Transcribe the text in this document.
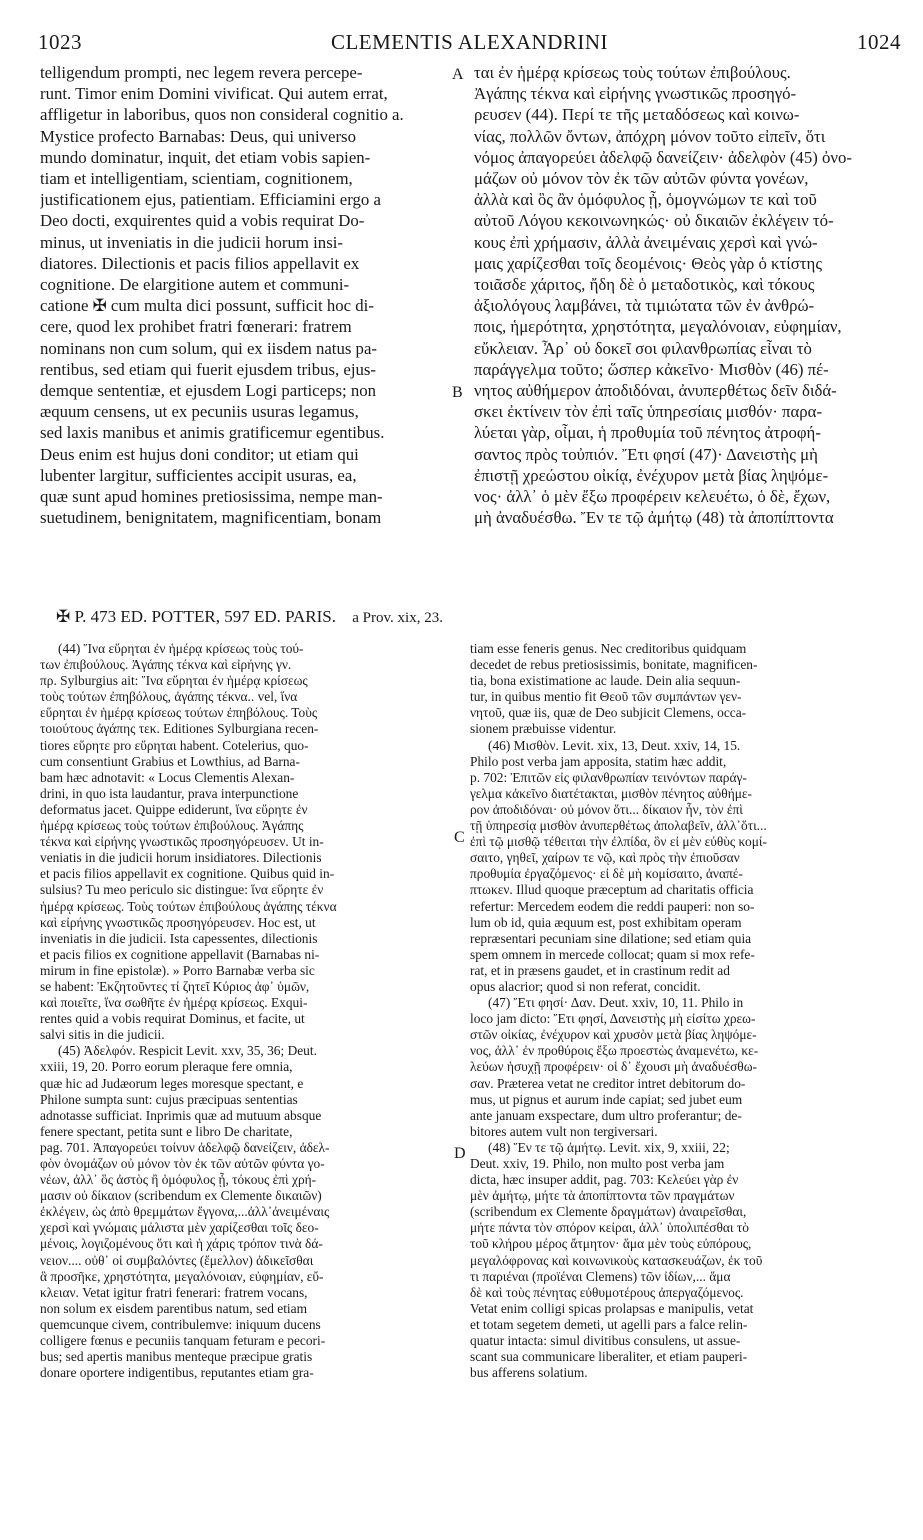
1023	CLEMENTIS ALEXANDRINI	1024

telligendum prompti, nec legem revera percepe-

runt. Timor enim Domini vivificat. Qui autem errat,

affligetur in laboribus, quos non consideral cognitio a.

Mystice profecto Barnabas: Deus, qui universo

mundo dominatur, inquit, det etiam vobis sapien-

tiam et intelligentiam, scientiam, cognitionem,

justificationem ejus, patientiam. Efficiamini ergo a

Deo docti, exquirentes quid a vobis requirat Do-

minus, ut inveniatis in die judicii horum insi-

diatores. Dilectionis et pacis filios appellavit ex

cognitione. De elargitione autem et communi-

catione ✠ cum multa dici possunt, sufficit hoc di-

cere, quod lex prohibet fratri fœnerari: fratrem

nominans non cum solum, qui ex iisdem natus pa-

rentibus, sed etiam qui fuerit ejusdem tribus, ejus-

demque sententiæ, et ejusdem Logi particeps; non

æquum censens, ut ex pecuniis usuras legamus,

sed laxis manibus et animis gratificemur egentibus.

Deus enim est hujus doni conditor; ut etiam qui

lubenter largitur, sufficientes accipit usuras, ea,

quæ sunt apud homines pretiosissima, nempe man-

suetudinem, benignitatem, magnificentiam, bonam

ται ἐν ἡμέρᾳ κρίσεως τοὺς τούτων ἐπιβούλους.

Ἀγάπης τέκνα καὶ εἰρήνης γνωστικῶς προσηγό-

ρευσεν (44). Περί τε τῆς μεταδόσεως καὶ κοινω-

νίας, πολλῶν ὄντων, ἀπόχρη μόνον τοῦτο εἰπεῖν, ὅτι

νόμος ἀπαγορεύει ἀδελφῷ δανείζειν· ἀδελφὸν (45) ὀνο-

μάζων οὐ μόνον τὸν ἐκ τῶν αὐτῶν φύντα γονέων,

ἀλλὰ καὶ ὃς ἂν ὁμόφυλος ᾖ, ὁμογνώμων τε καὶ τοῦ

αὐτοῦ Λόγου κεκοινωνηκώς· οὐ δικαιῶν ἐκλέγειν τό-

κους ἐπὶ χρήμασιν, ἀλλὰ ἀνειμέναις χερσὶ καὶ γνώ-

μαις χαρίζεσθαι τοῖς δεομένοις· Θεὸς γὰρ ὁ κτίστης

τοιᾶσδε χάριτος, ἤδη δὲ ὁ μεταδοτικὸς, καὶ τόκους

ἀξιολόγους λαμβάνει, τὰ τιμιώτατα τῶν ἐν ἀνθρώ-

ποις, ἡμερότητα, χρηστότητα, μεγαλόνοιαν, εὐφημίαν,

εὔκλειαν. Ἆρ᾽ οὐ δοκεῖ σοι φιλανθρωπίας εἶναι τὸ

παράγγελμα τοῦτο; ὥσπερ κἀκεῖνο· Μισθὸν (46) πέ-

νητος αὐθήμερον ἀποδιδόναι, ἀνυπερθέτως δεῖν διδά-

σκει ἐκτίνειν τὸν ἐπὶ ταῖς ὑπηρεσίαις μισθόν· παρα-

λύεται γὰρ, οἶμαι, ἡ προθυμία τοῦ πένητος ἀτροφή-

σαντος πρὸς τοὐπιόν. Ἔτι φησί (47)· Δανειστὴς μὴ

ἐπιστῇ χρεώστου οἰκίᾳ, ἐνέχυρον μετὰ βίας ληψόμε-

νος· ἀλλ᾽ ὁ μὲν ἔξω προφέρειν κελευέτω, ὁ δὲ, ἔχων,

μὴ ἀναδυέσθω. Ἔν τε τῷ ἀμήτῳ (48) τὰ ἀποπίπτοντα

A
B
C
D
✠ P. 473 ED. POTTER, 597 ED. PARIS. a Prov. xix, 23.

(44) Ἵνα εὕρηται ἐν ἡμέρᾳ κρίσεως τοὺς τού-

των ἐπιβούλους. Ἀγάπης τέκνα καὶ εἰρήνης γν.

πρ. Sylburgius ait: Ἵνα εὕρηται ἐν ἡμέρᾳ κρίσεως

τοὺς τούτων ἐπηβόλους, ἀγάπης τέκνα.. vel, ἵνα

εὕρηται ἐν ἡμέρᾳ κρίσεως τούτων ἐπηβόλους. Τοὺς

τοιούτους ἀγάπης τεκ. Editiones Sylburgiana recen-

tiores εὕρητε pro εὕρηται habent. Cotelerius, quo-

cum consentiunt Grabius et Lowthius, ad Barna-

bam hæc adnotavit: « Locus Clementis Alexan-

drini, in quo ista laudantur, prava interpunctione

deformatus jacet. Quippe ediderunt, ἵνα εὕρητε ἐν

ἡμέρᾳ κρίσεως τοὺς τούτων ἐπιβούλους. Ἀγάπης

τέκνα καὶ εἰρήνης γνωστικῶς προσηγόρευσεν. Ut in-

veniatis in die judicii horum insidiatores. Dilectionis

et pacis filios appellavit ex cognitione. Quibus quid in-

sulsius? Tu meo periculo sic distingue: ἵνα εὕρητε ἐν

ἡμέρᾳ κρίσεως. Τοὺς τούτων ἐπιβούλους ἀγάπης τέκνα

καὶ εἰρήνης γνωστικῶς προσηγόρευσεν. Hoc est, ut

inveniatis in die judicii. Ista capessentes, dilectionis

et pacis filios ex cognitione appellavit (Barnabas ni-

mirum in fine epistolæ). » Porro Barnabæ verba sic

se habent: Ἐκζητοῦντες τί ζητεῖ Κύριος ἀφ᾽ ὑμῶν,

καὶ ποιεῖτε, ἵνα σωθῆτε ἐν ἡμέρᾳ κρίσεως. Exqui-

rentes quid a vobis requirat Dominus, et facite, ut

salvi sitis in die judicii.

(45) Ἀδελφόν. Respicit Levit. xxv, 35, 36; Deut.

xxiii, 19, 20. Porro eorum pleraque fere omnia,

quæ hic ad Judæorum leges moresque spectant, e

Philone sumpta sunt: cujus præcipuas sententias

adnotasse sufficiat. Inprimis quæ ad mutuum absque

fenere spectant, petita sunt e libro De charitate,

pag. 701. Ἀπαγορεύει τοίνυν ἀδελφῷ δανείζειν, ἀδελ-

φὸν ὀνομάζων οὐ μόνον τὸν ἐκ τῶν αὐτῶν φύντα γο-

νέων, ἀλλ᾽ ὃς ἀστὸς ἢ ὁμόφυλος ᾖ, τόκους ἐπὶ χρή-

μασιν οὐ δίκαιον (scribendum ex Clemente δικαιῶν)

ἐκλέγειν, ὡς ἀπὸ θρεμμάτων ἔγγονα,...ἀλλ᾽ἀνειμέναις

χερσὶ καὶ γνώμαις μάλιστα μὲν χαρίζεσθαι τοῖς δεο-

μένοις, λογιζομένους ὅτι καὶ ἡ χάρις τρόπον τινὰ δά-

νειον.... οὐθ᾽ οἱ συμβαλόντες (ἔμελλον) ἀδικεῖσθαι

ἃ προσῆκε, χρηστότητα, μεγαλόνοιαν, εὐφημίαν, εὔ-

κλειαν. Vetat igitur fratri fenerari: fratrem vocans,

non solum ex eisdem parentibus natum, sed etiam

quemcunque civem, contribulemve: iniquum ducens

colligere fœnus e pecuniis tanquam feturam e pecori-

bus; sed apertis manibus menteque præcipue gratis

donare oportere indigentibus, reputantes etiam gra-

tiam esse feneris genus. Nec creditoribus quidquam

decedet de rebus pretiosissimis, bonitate, magnificen-

tia, bona existimatione ac laude. Dein alia sequun-

tur, in quibus mentio fit Θεοῦ τῶν συμπάντων γεν-

νητοῦ, quæ iis, quæ de Deo subjicit Clemens, occa-

sionem præbuisse videntur.

(46) Μισθὸν. Levit. xix, 13, Deut. xxiv, 14, 15.

Philo post verba jam apposita, statim hæc addit,

p. 702: Ἐπιτῶν εἰς φιλανθρωπίαν τεινόντων παράγ-

γελμα κἀκεῖνο διατέτακται, μισθὸν πένητος αὐθήμε-

ρον ἀποδιδόναι· οὐ μόνον ὅτι... δίκαιον ἦν, τὸν ἐπὶ

τῇ ὑπηρεσίᾳ μισθὸν ἀνυπερθέτως ἀπολαβεῖν, ἀλλ᾽ὅτι...

ἐπὶ τῷ μισθῷ τέθειται τὴν ἐλπίδα, ὃν εἰ μὲν εὐθὺς κομί-

σαιτο, γηθεῖ, χαίρων τε νῷ, καὶ πρὸς τὴν ἐπιοῦσαν

προθυμία ἐργαζόμενος· εἰ δὲ μὴ κομίσαιτο, ἀναπέ-

πτωκεν. Illud quoque præceptum ad charitatis officia

refertur: Mercedem eodem die reddi pauperi: non so-

lum ob id, quia æquum est, post exhibitam operam

repræsentari pecuniam sine dilatione; sed etiam quia

spem omnem in mercede collocat; quam si mox refe-

rat, et in præsens gaudet, et in crastinum redit ad

opus alacrior; quod si non referat, concidit.

(47) Ἔτι φησί· Δαν. Deut. xxiv, 10, 11. Philo in

loco jam dicto: Ἔτι φησί, Δανειστὴς μὴ εἰσίτω χρεω-

στῶν οἰκίας, ἐνέχυρον καὶ χρυσὸν μετὰ βίας ληψόμε-

νος, ἀλλ᾽ ἐν προθύροις ἔξω προεστὼς ἀναμενέτω, κε-

λεύων ἡσυχῇ προφέρειν· οἱ δ᾽ ἔχουσι μὴ ἀναδυέσθω-

σαν. Præterea vetat ne creditor intret debitorum do-

mus, ut pignus et aurum inde capiat; sed jubet eum

ante januam exspectare, dum ultro proferantur; de-

bitores autem vult non tergiversari.

(48) Ἔν τε τῷ ἀμήτῳ. Levit. xix, 9, xxiii, 22;

Deut. xxiv, 19. Philo, non multo post verba jam

dicta, hæc insuper addit, pag. 703: Κελεύει γὰρ ἐν

μὲν ἀμήτῳ, μήτε τὰ ἀποπίπτοντα τῶν πραγμάτων

(scribendum ex Clemente δραγμάτων) ἀναιρεῖσθαι,

μήτε πάντα τὸν σπόρον κείραι, ἀλλ᾽ ὑπολιπέσθαι τὸ

τοῦ κλήρου μέρος ἄτμητον· ἅμα μὲν τοὺς εὐπόρους,

μεγαλόφρονας καὶ κοινωνικοὺς κατασκευάζων, ἐκ τοῦ

τι παριέναι (προϊέναι Clemens) τῶν ἰδίων,... ἅμα

δὲ καὶ τοὺς πένητας εὐθυμοτέρους ἀπεργαζόμενος.

Vetat enim colligi spicas prolapsas e manipulis, vetat

et totam segetem demeti, ut agelli pars a falce relin-

quatur intacta: simul divitibus consulens, ut assue-

scant sua communicare liberaliter, et etiam pauperi-

bus afferens solatium.
